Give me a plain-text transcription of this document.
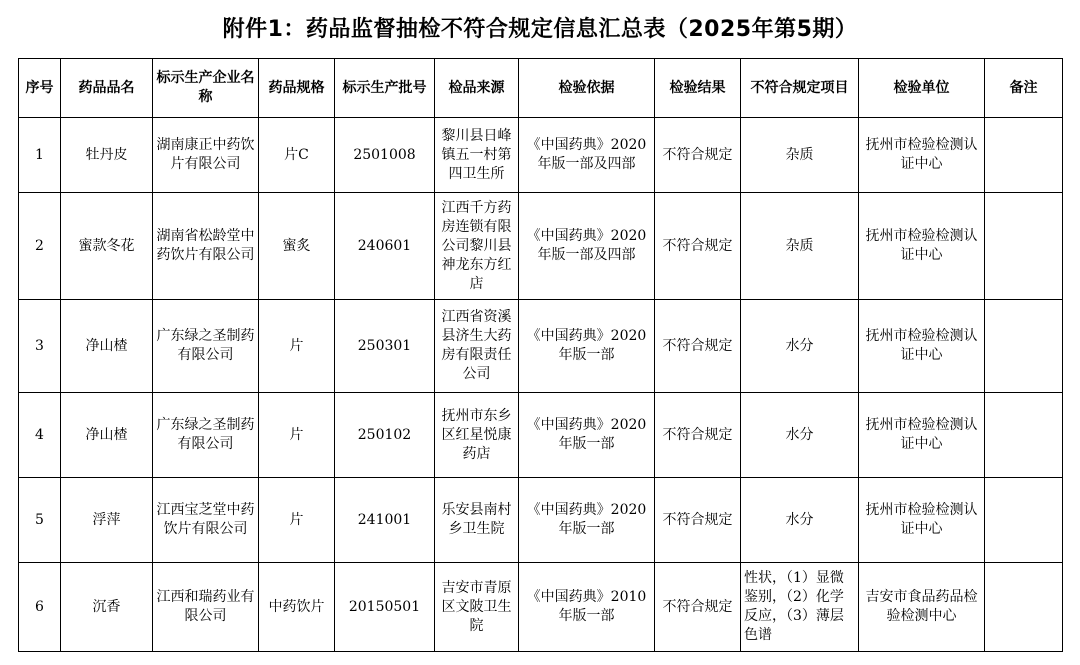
附件1：药品监督抽检不符合规定信息汇总表（2025年第5期）
序号	药品品名	标示生产企业名称	药品规格	标示生产批号	检品来源	检验依据	检验结果	不符合规定项目	检验单位	备注
1	牡丹皮	湖南康正中药饮片有限公司	片C	2501008	黎川县日峰镇五一村第四卫生所	《中国药典》2020年版一部及四部	不符合规定	杂质	抚州市检验检测认证中心	
2	蜜款冬花	湖南省松龄堂中药饮片有限公司	蜜炙	240601	江西千方药房连锁有限公司黎川县神龙东方红店	《中国药典》2020年版一部及四部	不符合规定	杂质	抚州市检验检测认证中心	
3	净山楂	广东绿之圣制药有限公司	片	250301	江西省资溪县济生大药房有限责任公司	《中国药典》2020年版一部	不符合规定	水分	抚州市检验检测认证中心	
4	净山楂	广东绿之圣制药有限公司	片	250102	抚州市东乡区红星悦康药店	《中国药典》2020年版一部	不符合规定	水分	抚州市检验检测认证中心	
5	浮萍	江西宝芝堂中药饮片有限公司	片	241001	乐安县南村乡卫生院	《中国药典》2020年版一部	不符合规定	水分	抚州市检验检测认证中心	
6	沉香	江西和瑞药业有限公司	中药饮片	20150501	吉安市青原区文陂卫生院	《中国药典》2010年版一部	不符合规定	性状，（1）显微鉴别，（2）化学反应，（3）薄层色谱	吉安市食品药品检验检测中心	
